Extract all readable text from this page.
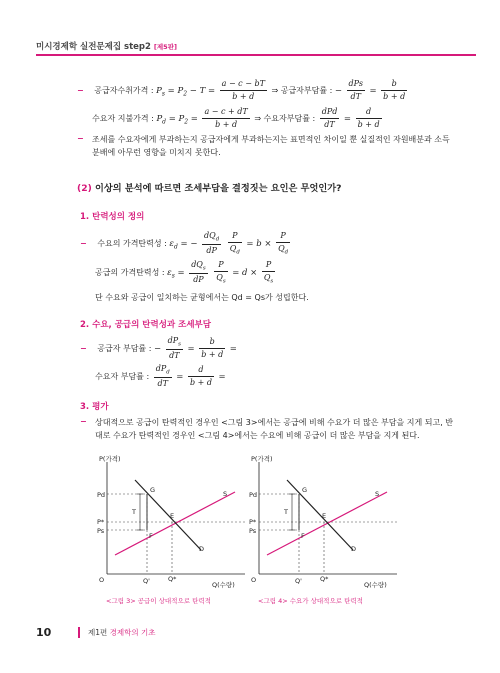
미시경제학 실전문제집 step2 [제5판]
− 공급자수취가격 : $P_s = P_2 - T = \frac{a - c - bT}{b + d}$ ⇒ 공급자부담률 : − $\frac{\text{dPs}}{dT} = \frac{b}{b + d}$
수요자 지불가격 : $P_d = P_2 = \frac{a - c + dT}{b + d}$ ⇒ 수요자부담률 : $\frac{\text{dPd}}{dT} = \frac{d}{b + d}$
− 조세를 수요자에게 부과하는지 공급자에게 부과하는지는 표면적인 차이일 뿐 실질적인 자원배분과 소득분배에 아무런 영향을 미치지 못한다.
(2) 이상의 분석에 따르면 조세부담을 결정짓는 요인은 무엇인가?
1. 탄력성의 정의
− 수요의 가격탄력성 : $\varepsilon_d$ = − $\frac{dQ_d}{dP}$
$\frac{P}{Q_d} = b \times \frac{P}{Q_d}$
공급의 가격탄력성 : $\varepsilon_s = \frac{dQ_s}{dP}$
$\frac{P}{Q_s} = d \times \frac{P}{Q_s}$
단 수요와 공급이 일치하는 균형에서는 Qd = Qs가 성립한다.
2. 수요, 공급의 탄력성과 조세부담
− 공급자 부담률 : − $\frac{dP_s}{dT} = \frac{b}{b + d}$ =
수요자 부담률 : $\frac{dP_d}{dT} = \frac{d}{b + d}$ =
3. 평가
− 상대적으로 공급이 탄력적인 경우인 <그림 3>에서는 공급에 비해 수요가 더 많은 부담을 지게 되고, 반대로 수요가 탄력적인 경우인 <그림 4>에서는 수요에 비해 공급이 더 많은 부담을 지게 된다.
P(가격)
Q(수량)
O
Pd
P*
Ps
T
G
E
F
S
D
Q'	Q*
<그림 3> 공급이 상대적으로 탄력적
P(가격)
Q(수량)
O
Pd
P*
Ps
T
G
E
F
S
D
Q'	Q*
<그림 4> 수요가 상대적으로 탄력적
10	제1편 경제학의 기초
